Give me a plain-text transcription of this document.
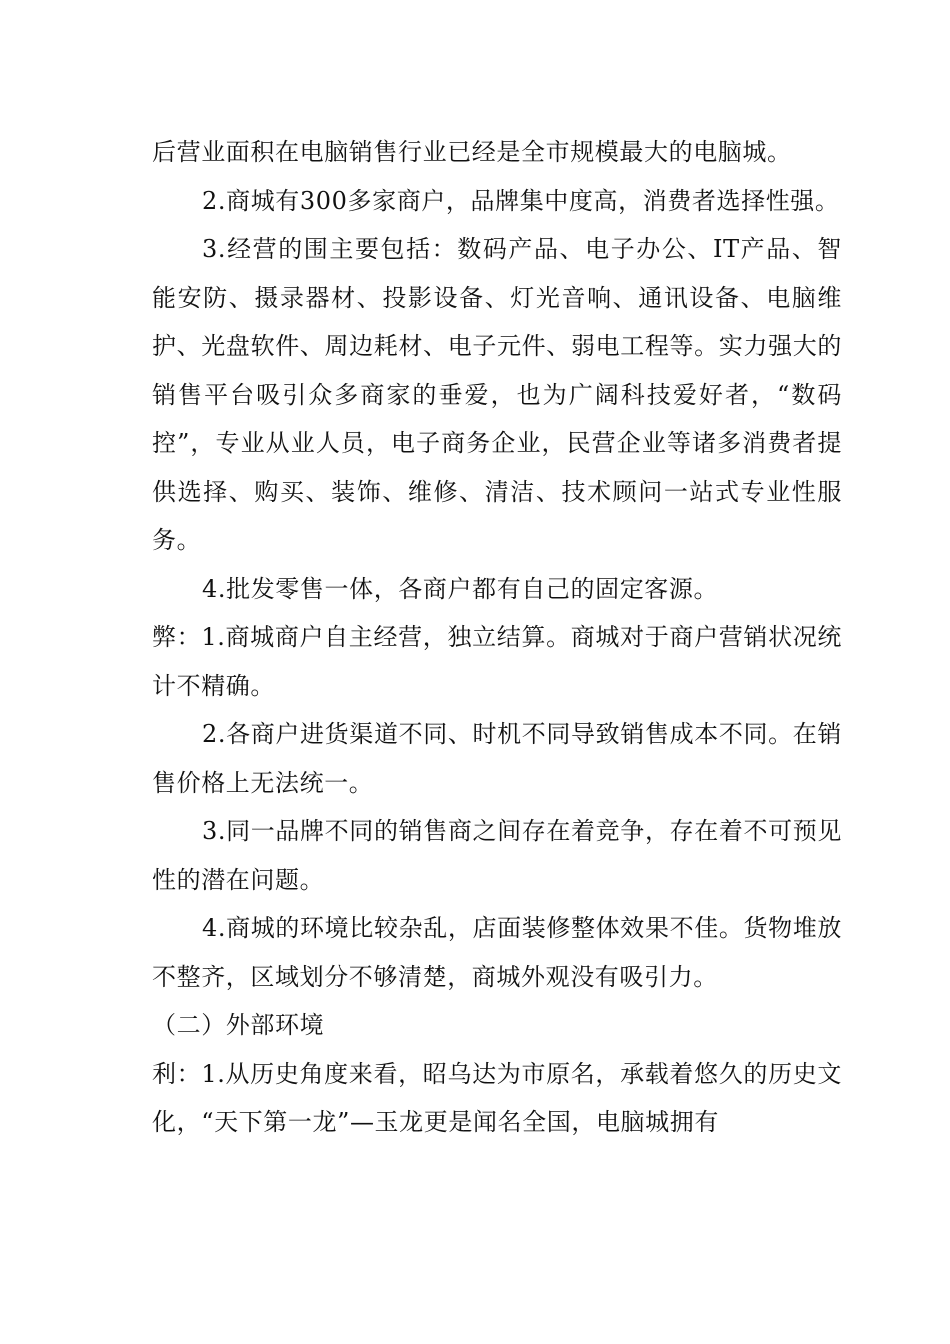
后营业面积在电脑销售行业已经是全市规模最大的电脑城。

2.商城有300多家商户，品牌集中度高，消费者选择性强。

3.经营的围主要包括：数码产品、电子办公、IT产品、智能安防、摄录器材、投影设备、灯光音响、通讯设备、电脑维护、光盘软件、周边耗材、电子元件、弱电工程等。实力强大的销售平台吸引众多商家的垂爱，也为广阔科技爱好者，“数码控”，专业从业人员，电子商务企业，民营企业等诸多消费者提供选择、购买、装饰、维修、清洁、技术顾问一站式专业性服务。

4.批发零售一体，各商户都有自己的固定客源。

弊：1.商城商户自主经营，独立结算。商城对于商户营销状况统计不精确。

2.各商户进货渠道不同、时机不同导致销售成本不同。在销售价格上无法统一。

3.同一品牌不同的销售商之间存在着竞争，存在着不可预见性的潜在问题。

4.商城的环境比较杂乱，店面装修整体效果不佳。货物堆放不整齐，区域划分不够清楚，商城外观没有吸引力。

（二）外部环境

利：1.从历史角度来看，昭乌达为市原名，承载着悠久的历史文化，“天下第一龙”—玉龙更是闻名全国，电脑城拥有
